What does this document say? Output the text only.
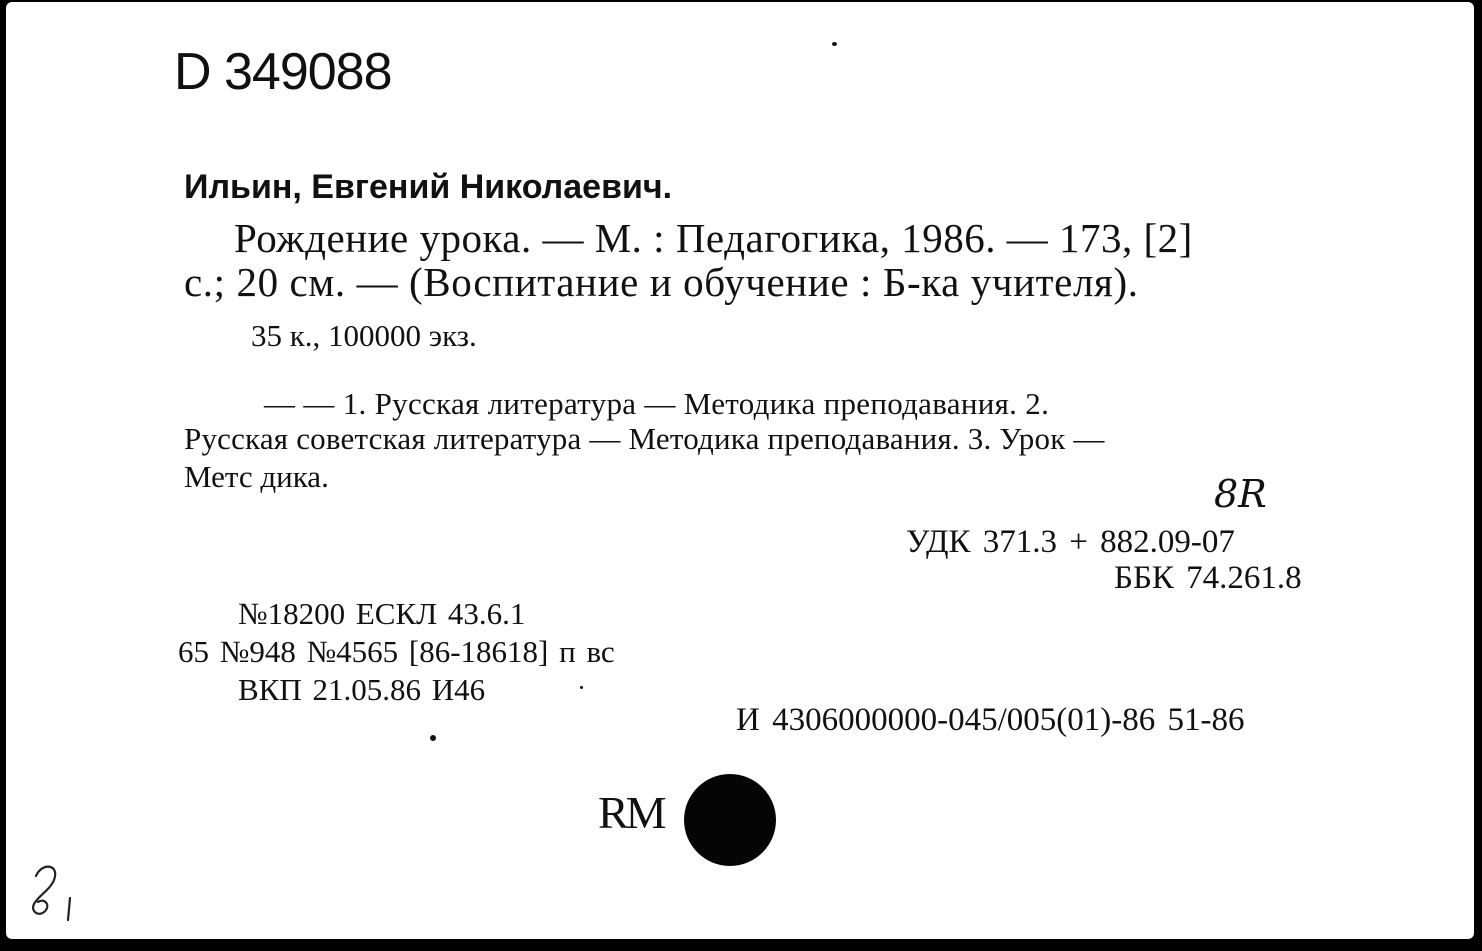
D 349088
Ильин, Евгений Николаевич.
Рождение урока. — М. : Педагогика, 1986. — 173, [2]
с.; 20 см. — (Воспитание и обучение : Б-ка учителя).
35 к., 100000 экз.
— — 1. Русская литература — Методика преподавания. 2.
Русская советская литература — Методика преподавания. 3. Урок —
Метс дика.	8R
УДК 371.3 + 882.09-07
ББК 74.261.8
№18200 ЕСКЛ 43.6.1
65 №948 №4565 [86-18618] п вс
ВКП 21.05.86 И46
И 4306000000-045/005(01)-86 51-86
RM
